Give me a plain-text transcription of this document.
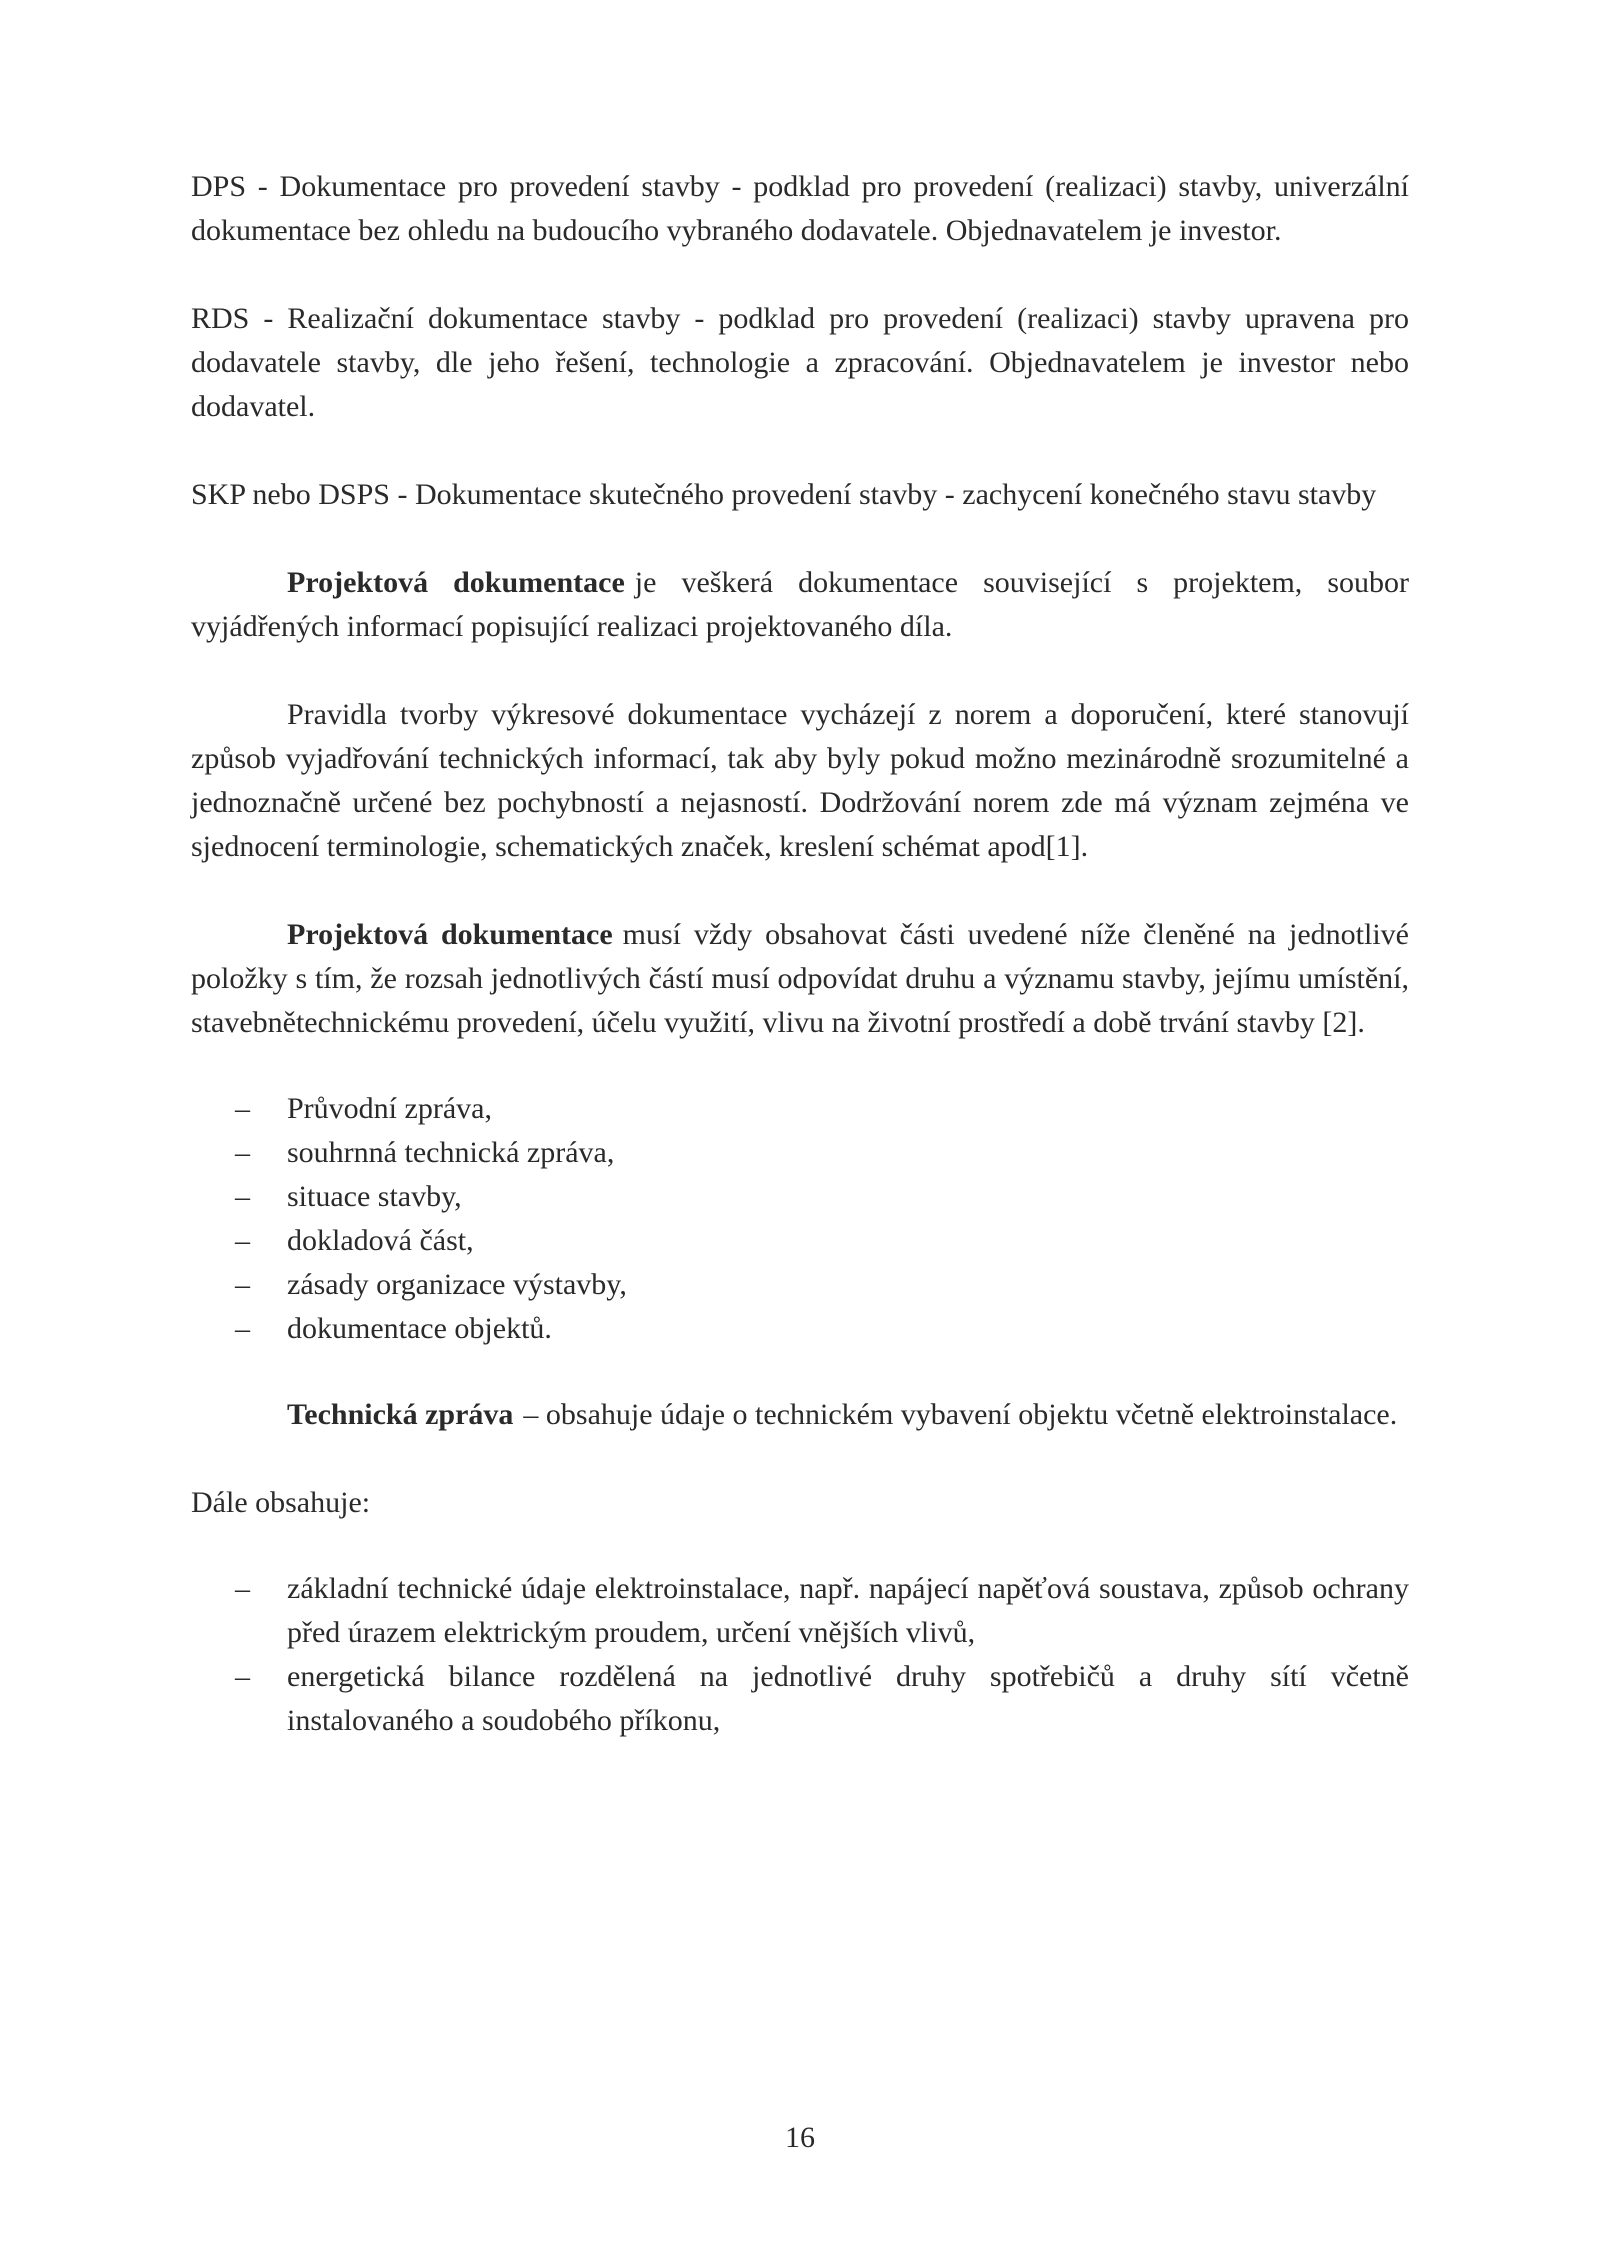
DPS - Dokumentace pro provedení stavby - podklad pro provedení (realizaci) stavby, univerzální dokumentace bez ohledu na budoucího vybraného dodavatele. Objednavatelem je investor.

RDS - Realizační dokumentace stavby - podklad pro provedení (realizaci) stavby upravena pro dodavatele stavby, dle jeho řešení, technologie a zpracování. Objednavatelem je investor nebo dodavatel.

SKP nebo DSPS - Dokumentace skutečného provedení stavby - zachycení konečného stavu stavby

Projektová dokumentace je veškerá dokumentace související s projektem, soubor vyjádřených informací popisující realizaci projektovaného díla.

Pravidla tvorby výkresové dokumentace vycházejí z norem a doporučení, které stanovují způsob vyjadřování technických informací, tak aby byly pokud možno mezinárodně srozumitelné a jednoznačně určené bez pochybností a nejasností. Dodržování norem zde má význam zejména ve sjednocení terminologie, schematických značek, kreslení schémat apod[1].

Projektová dokumentace musí vždy obsahovat části uvedené níže členěné na jednotlivé položky s tím, že rozsah jednotlivých částí musí odpovídat druhu a významu stavby, jejímu umístění, stavebnětechnickému provedení, účelu využití, vlivu na životní prostředí a době trvání stavby [2].

– Průvodní zpráva,
– souhrnná technická zpráva,
– situace stavby,
– dokladová část,
– zásady organizace výstavby,
– dokumentace objektů.

Technická zpráva – obsahuje údaje o technickém vybavení objektu včetně elektroinstalace.

Dále obsahuje:

– základní technické údaje elektroinstalace, např. napájecí napěťová soustava, způsob ochrany před úrazem elektrickým proudem, určení vnějších vlivů,
– energetická bilance rozdělená na jednotlivé druhy spotřebičů a druhy sítí včetně instalovaného a soudobého příkonu,
16
